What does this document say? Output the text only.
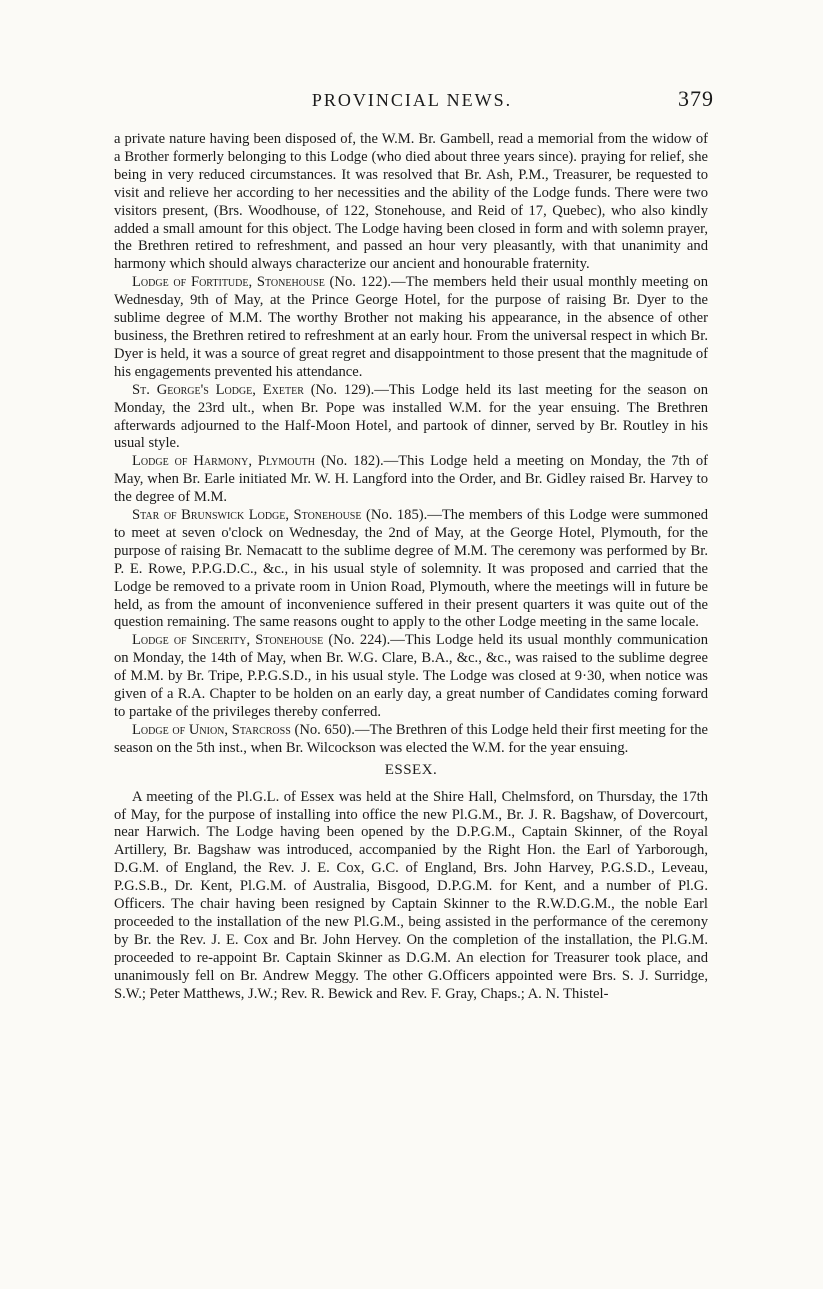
PROVINCIAL NEWS.	379

a private nature having been disposed of, the W.M. Br. Gambell, read a memorial from the widow of a Brother formerly belonging to this Lodge (who died about three years since). praying for relief, she being in very reduced circumstances. It was resolved that Br. Ash, P.M., Treasurer, be requested to visit and relieve her according to her necessities and the ability of the Lodge funds. There were two visitors present, (Brs. Woodhouse, of 122, Stonehouse, and Reid of 17, Quebec), who also kindly added a small amount for this object. The Lodge having been closed in form and with solemn prayer, the Brethren retired to refreshment, and passed an hour very pleasantly, with that unanimity and harmony which should always characterize our ancient and honourable fraternity.

Lodge of Fortitude, Stonehouse (No. 122).—The members held their usual monthly meeting on Wednesday, 9th of May, at the Prince George Hotel, for the purpose of raising Br. Dyer to the sublime degree of M.M. The worthy Brother not making his appearance, in the absence of other business, the Brethren retired to refreshment at an early hour. From the universal respect in which Br. Dyer is held, it was a source of great regret and disappointment to those present that the magnitude of his engagements prevented his attendance.

St. George's Lodge, Exeter (No. 129).—This Lodge held its last meeting for the season on Monday, the 23rd ult., when Br. Pope was installed W.M. for the year ensuing. The Brethren afterwards adjourned to the Half-Moon Hotel, and partook of dinner, served by Br. Routley in his usual style.

Lodge of Harmony, Plymouth (No. 182).—This Lodge held a meeting on Monday, the 7th of May, when Br. Earle initiated Mr. W. H. Langford into the Order, and Br. Gidley raised Br. Harvey to the degree of M.M.

Star of Brunswick Lodge, Stonehouse (No. 185).—The members of this Lodge were summoned to meet at seven o'clock on Wednesday, the 2nd of May, at the George Hotel, Plymouth, for the purpose of raising Br. Nemacatt to the sublime degree of M.M. The ceremony was performed by Br. P. E. Rowe, P.P.G.D.C., &c., in his usual style of solemnity. It was proposed and carried that the Lodge be removed to a private room in Union Road, Plymouth, where the meetings will in future be held, as from the amount of inconvenience suffered in their present quarters it was quite out of the question remaining. The same reasons ought to apply to the other Lodge meeting in the same locale.

Lodge of Sincerity, Stonehouse (No. 224).—This Lodge held its usual monthly communication on Monday, the 14th of May, when Br. W.G. Clare, B.A., &c., &c., was raised to the sublime degree of M.M. by Br. Tripe, P.P.G.S.D., in his usual style. The Lodge was closed at 9·30, when notice was given of a R.A. Chapter to be holden on an early day, a great number of Candidates coming forward to partake of the privileges thereby conferred.

Lodge of Union, Starcross (No. 650).—The Brethren of this Lodge held their first meeting for the season on the 5th inst., when Br. Wilcockson was elected the W.M. for the year ensuing.

ESSEX.

A meeting of the Pl.G.L. of Essex was held at the Shire Hall, Chelmsford, on Thursday, the 17th of May, for the purpose of installing into office the new Pl.G.M., Br. J. R. Bagshaw, of Dovercourt, near Harwich. The Lodge having been opened by the D.P.G.M., Captain Skinner, of the Royal Artillery, Br. Bagshaw was introduced, accompanied by the Right Hon. the Earl of Yarborough, D.G.M. of England, the Rev. J. E. Cox, G.C. of England, Brs. John Harvey, P.G.S.D., Leveau, P.G.S.B., Dr. Kent, Pl.G.M. of Australia, Bisgood, D.P.G.M. for Kent, and a number of Pl.G. Officers. The chair having been resigned by Captain Skinner to the R.W.D.G.M., the noble Earl proceeded to the installation of the new Pl.G.M., being assisted in the performance of the ceremony by Br. the Rev. J. E. Cox and Br. John Hervey. On the completion of the installation, the Pl.G.M. proceeded to re-appoint Br. Captain Skinner as D.G.M. An election for Treasurer took place, and unanimously fell on Br. Andrew Meggy. The other G.Officers appointed were Brs. S. J. Surridge, S.W.; Peter Matthews, J.W.; Rev. R. Bewick and Rev. F. Gray, Chaps.; A. N. Thistel-
